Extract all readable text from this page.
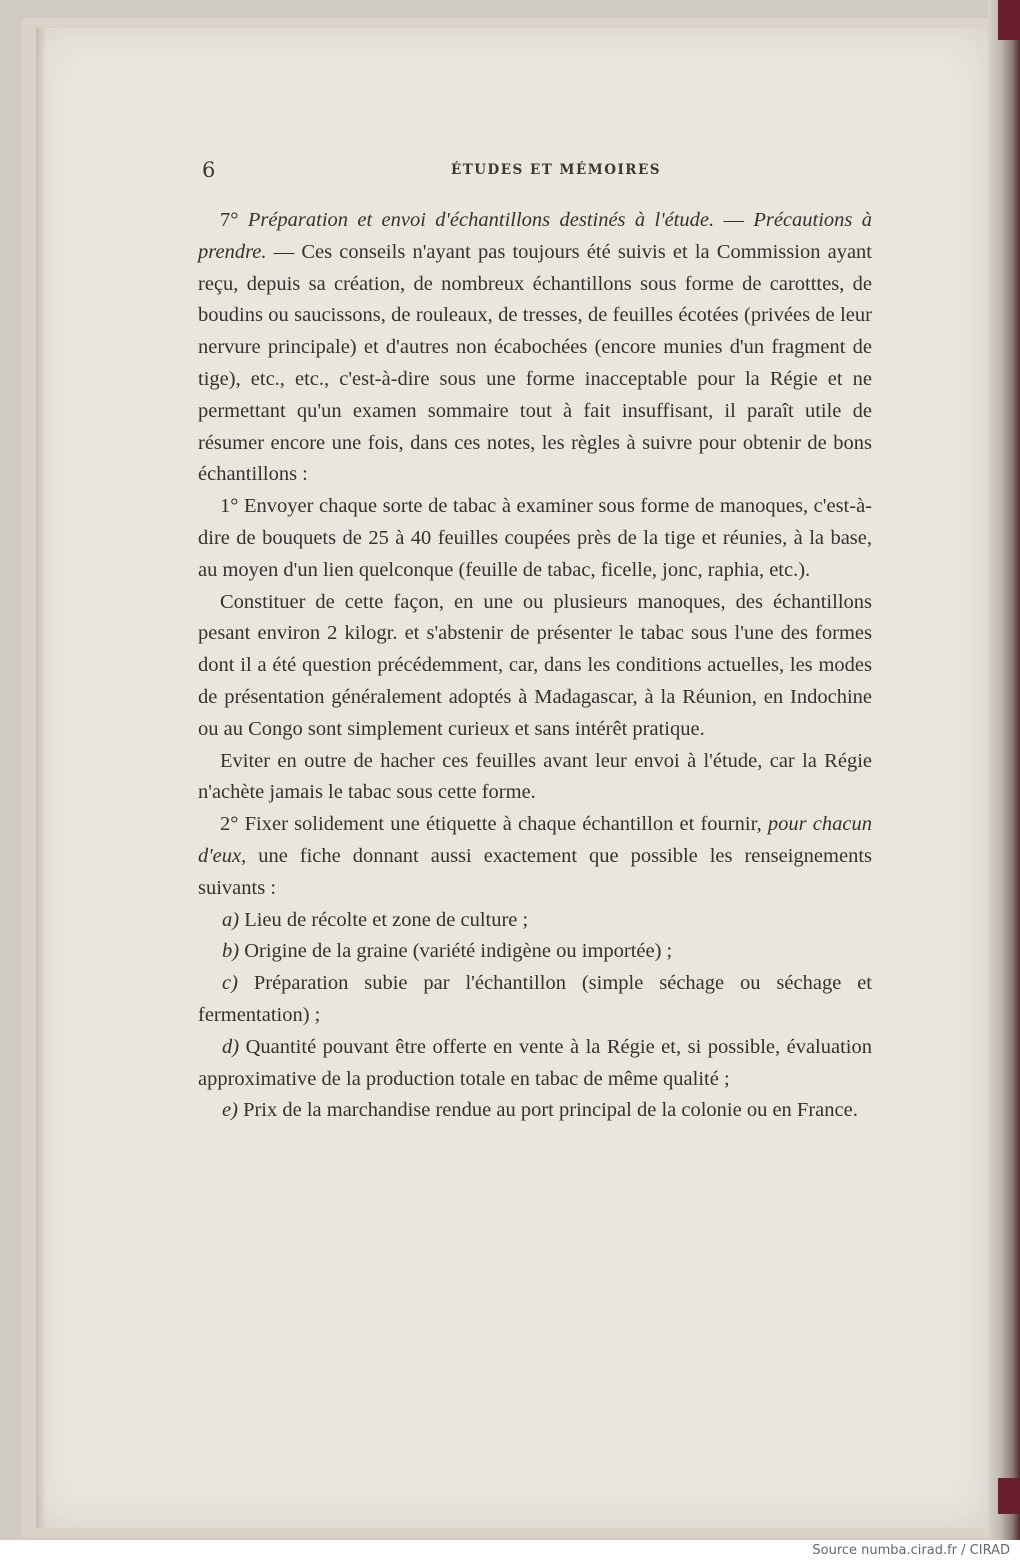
6	ÉTUDES ET MÉMOIRES

7° Préparation et envoi d'échantillons destinés à l'étude. — Précautions à prendre. — Ces conseils n'ayant pas toujours été suivis et la Commission ayant reçu, depuis sa création, de nombreux échantillons sous forme de carotttes, de boudins ou saucissons, de rouleaux, de tresses, de feuilles écotées (privées de leur nervure principale) et d'autres non écabochées (encore munies d'un fragment de tige), etc., etc., c'est-à-dire sous une forme inacceptable pour la Régie et ne permettant qu'un examen sommaire tout à fait insuffisant, il paraît utile de résumer encore une fois, dans ces notes, les règles à suivre pour obtenir de bons échantillons :

1° Envoyer chaque sorte de tabac à examiner sous forme de manoques, c'est-à-dire de bouquets de 25 à 40 feuilles coupées près de la tige et réunies, à la base, au moyen d'un lien quelconque (feuille de tabac, ficelle, jonc, raphia, etc.).

Constituer de cette façon, en une ou plusieurs manoques, des échantillons pesant environ 2 kilogr. et s'abstenir de présenter le tabac sous l'une des formes dont il a été question précédemment, car, dans les conditions actuelles, les modes de présentation généralement adoptés à Madagascar, à la Réunion, en Indochine ou au Congo sont simplement curieux et sans intérêt pratique.

Eviter en outre de hacher ces feuilles avant leur envoi à l'étude, car la Régie n'achète jamais le tabac sous cette forme.

2° Fixer solidement une étiquette à chaque échantillon et fournir, pour chacun d'eux, une fiche donnant aussi exactement que possible les renseignements suivants :

a) Lieu de récolte et zone de culture ;

b) Origine de la graine (variété indigène ou importée) ;

c) Préparation subie par l'échantillon (simple séchage ou séchage et fermentation) ;

d) Quantité pouvant être offerte en vente à la Régie et, si possible, évaluation approximative de la production totale en tabac de même qualité ;

e) Prix de la marchandise rendue au port principal de la colonie ou en France.

Source numba.cirad.fr / CIRAD
